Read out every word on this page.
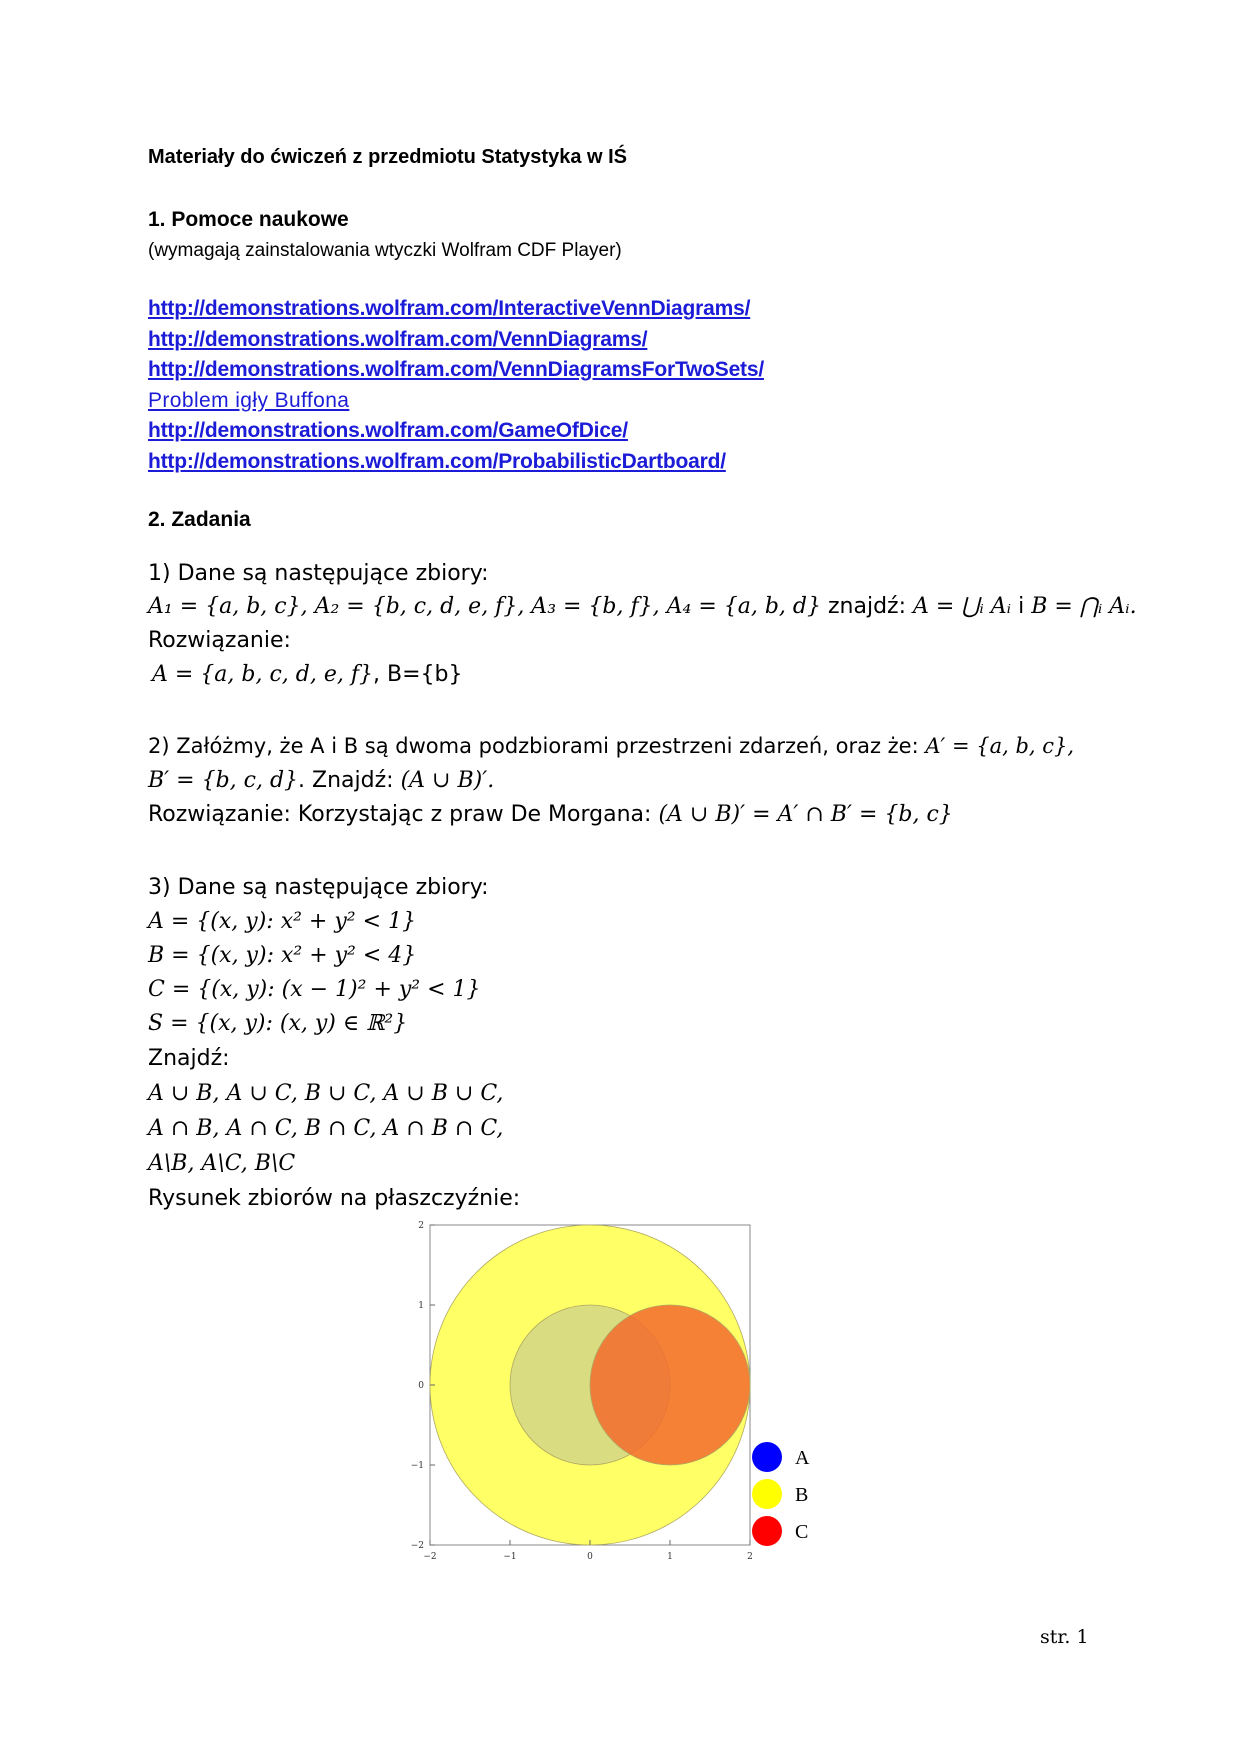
Materiały do ćwiczeń z przedmiotu Statystyka w IŚ
1. Pomoce naukowe
(wymagają zainstalowania wtyczki Wolfram CDF Player)
http://demonstrations.wolfram.com/InteractiveVennDiagrams/
http://demonstrations.wolfram.com/VennDiagrams/
http://demonstrations.wolfram.com/VennDiagramsForTwoSets/
Problem igły Buffona
http://demonstrations.wolfram.com/GameOfDice/
http://demonstrations.wolfram.com/ProbabilisticDartboard/
2. Zadania
1) Dane są następujące zbiory:
A₁ = {a, b, c}, A₂ = {b, c, d, e, f}, A₃ = {b, f}, A₄ = {a, b, d} znajdź: A = ⋃ᵢ Aᵢ i B = ⋂ᵢ Aᵢ.
Rozwiązanie:
A = {a, b, c, d, e, f}, B={b}
2) Załóżmy, że A i B są dwoma podzbiorami przestrzeni zdarzeń, oraz że: A′ = {a, b, c},
B′ = {b, c, d}. Znajdź: (A ∪ B)′.
Rozwiązanie: Korzystając z praw De Morgana: (A ∪ B)′ = A′ ∩ B′ = {b, c}
3) Dane są następujące zbiory:
A = {(x, y): x² + y² < 1}
B = {(x, y): x² + y² < 4}
C = {(x, y): (x − 1)² + y² < 1}
S = {(x, y): (x, y) ∈ ℝ²}
Znajdź:
A ∪ B, A ∪ C, B ∪ C, A ∪ B ∪ C,
A ∩ B, A ∩ C, B ∩ C, A ∩ B ∩ C,
A\B, A\C, B\C
Rysunek zbiorów na płaszczyźnie:
−2	−1	0	1	2
2
1
0
−1
−2
A
B
C
str. 1
